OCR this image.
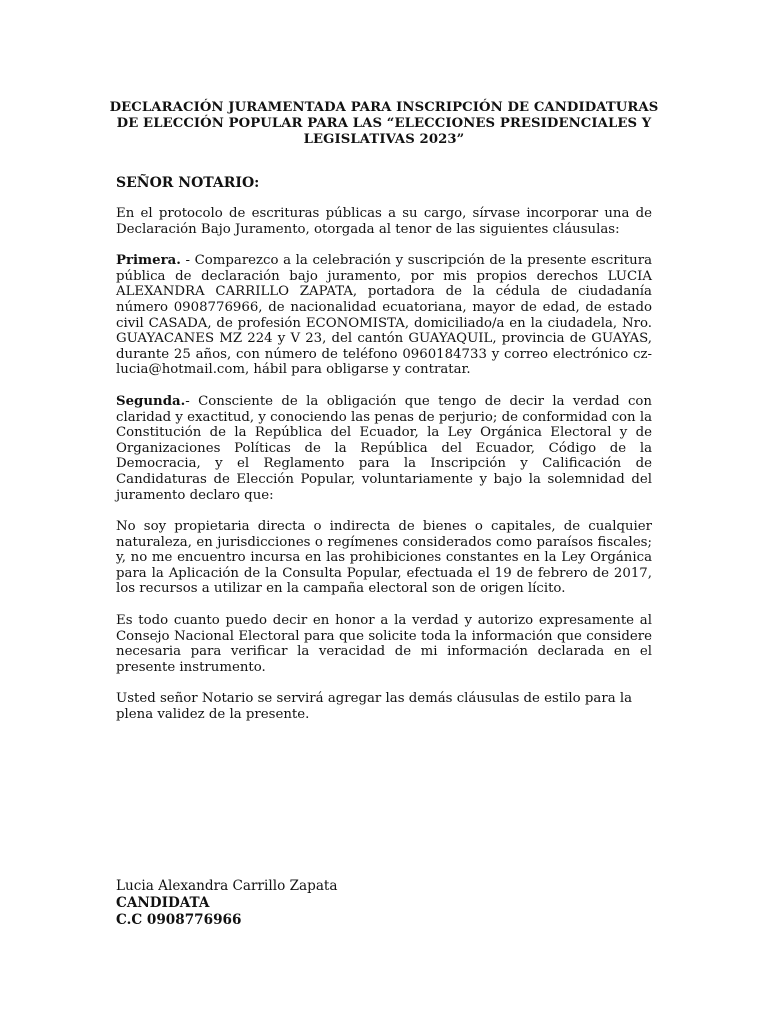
DECLARACIÓN JURAMENTADA PARA INSCRIPCIÓN DE CANDIDATURAS DE ELECCIÓN POPULAR PARA LAS “ELECCIONES PRESIDENCIALES Y LEGISLATIVAS 2023”
SEÑOR NOTARIO:

En el protocolo de escrituras públicas a su cargo, sírvase incorporar una de Declaración Bajo Juramento, otorgada al tenor de las siguientes cláusulas:

Primera. - Comparezco a la celebración y suscripción de la presente escritura pública de declaración bajo juramento, por mis propios derechos LUCIA ALEXANDRA CARRILLO ZAPATA, portadora de la cédula de ciudadanía número 0908776966, de nacionalidad ecuatoriana, mayor de edad, de estado civil CASADA, de profesión ECONOMISTA, domiciliado/a en la ciudadela, Nro. GUAYACANES MZ 224 y V 23, del cantón GUAYAQUIL, provincia de GUAYAS, durante 25 años, con número de teléfono 0960184733 y correo electrónico cz-lucia@hotmail.com, hábil para obligarse y contratar.

Segunda.- Consciente de la obligación que tengo de decir la verdad con claridad y exactitud, y conociendo las penas de perjurio; de conformidad con la Constitución de la República del Ecuador, la Ley Orgánica Electoral y de Organizaciones Políticas de la República del Ecuador, Código de la Democracia, y el Reglamento para la Inscripción y Calificación de Candidaturas de Elección Popular, voluntariamente y bajo la solemnidad del juramento declaro que:

No soy propietaria directa o indirecta de bienes o capitales, de cualquier naturaleza, en jurisdicciones o regímenes considerados como paraísos fiscales; y, no me encuentro incursa en las prohibiciones constantes en la Ley Orgánica para la Aplicación de la Consulta Popular, efectuada el 19 de febrero de 2017, los recursos a utilizar en la campaña electoral son de origen lícito.

Es todo cuanto puedo decir en honor a la verdad y autorizo expresamente al Consejo Nacional Electoral para que solicite toda la información que considere necesaria para verificar la veracidad de mi información declarada en el presente instrumento.

Usted señor Notario se servirá agregar las demás cláusulas de estilo para la plena validez de la presente.

Lucia Alexandra Carrillo Zapata
CANDIDATA
C.C 0908776966
